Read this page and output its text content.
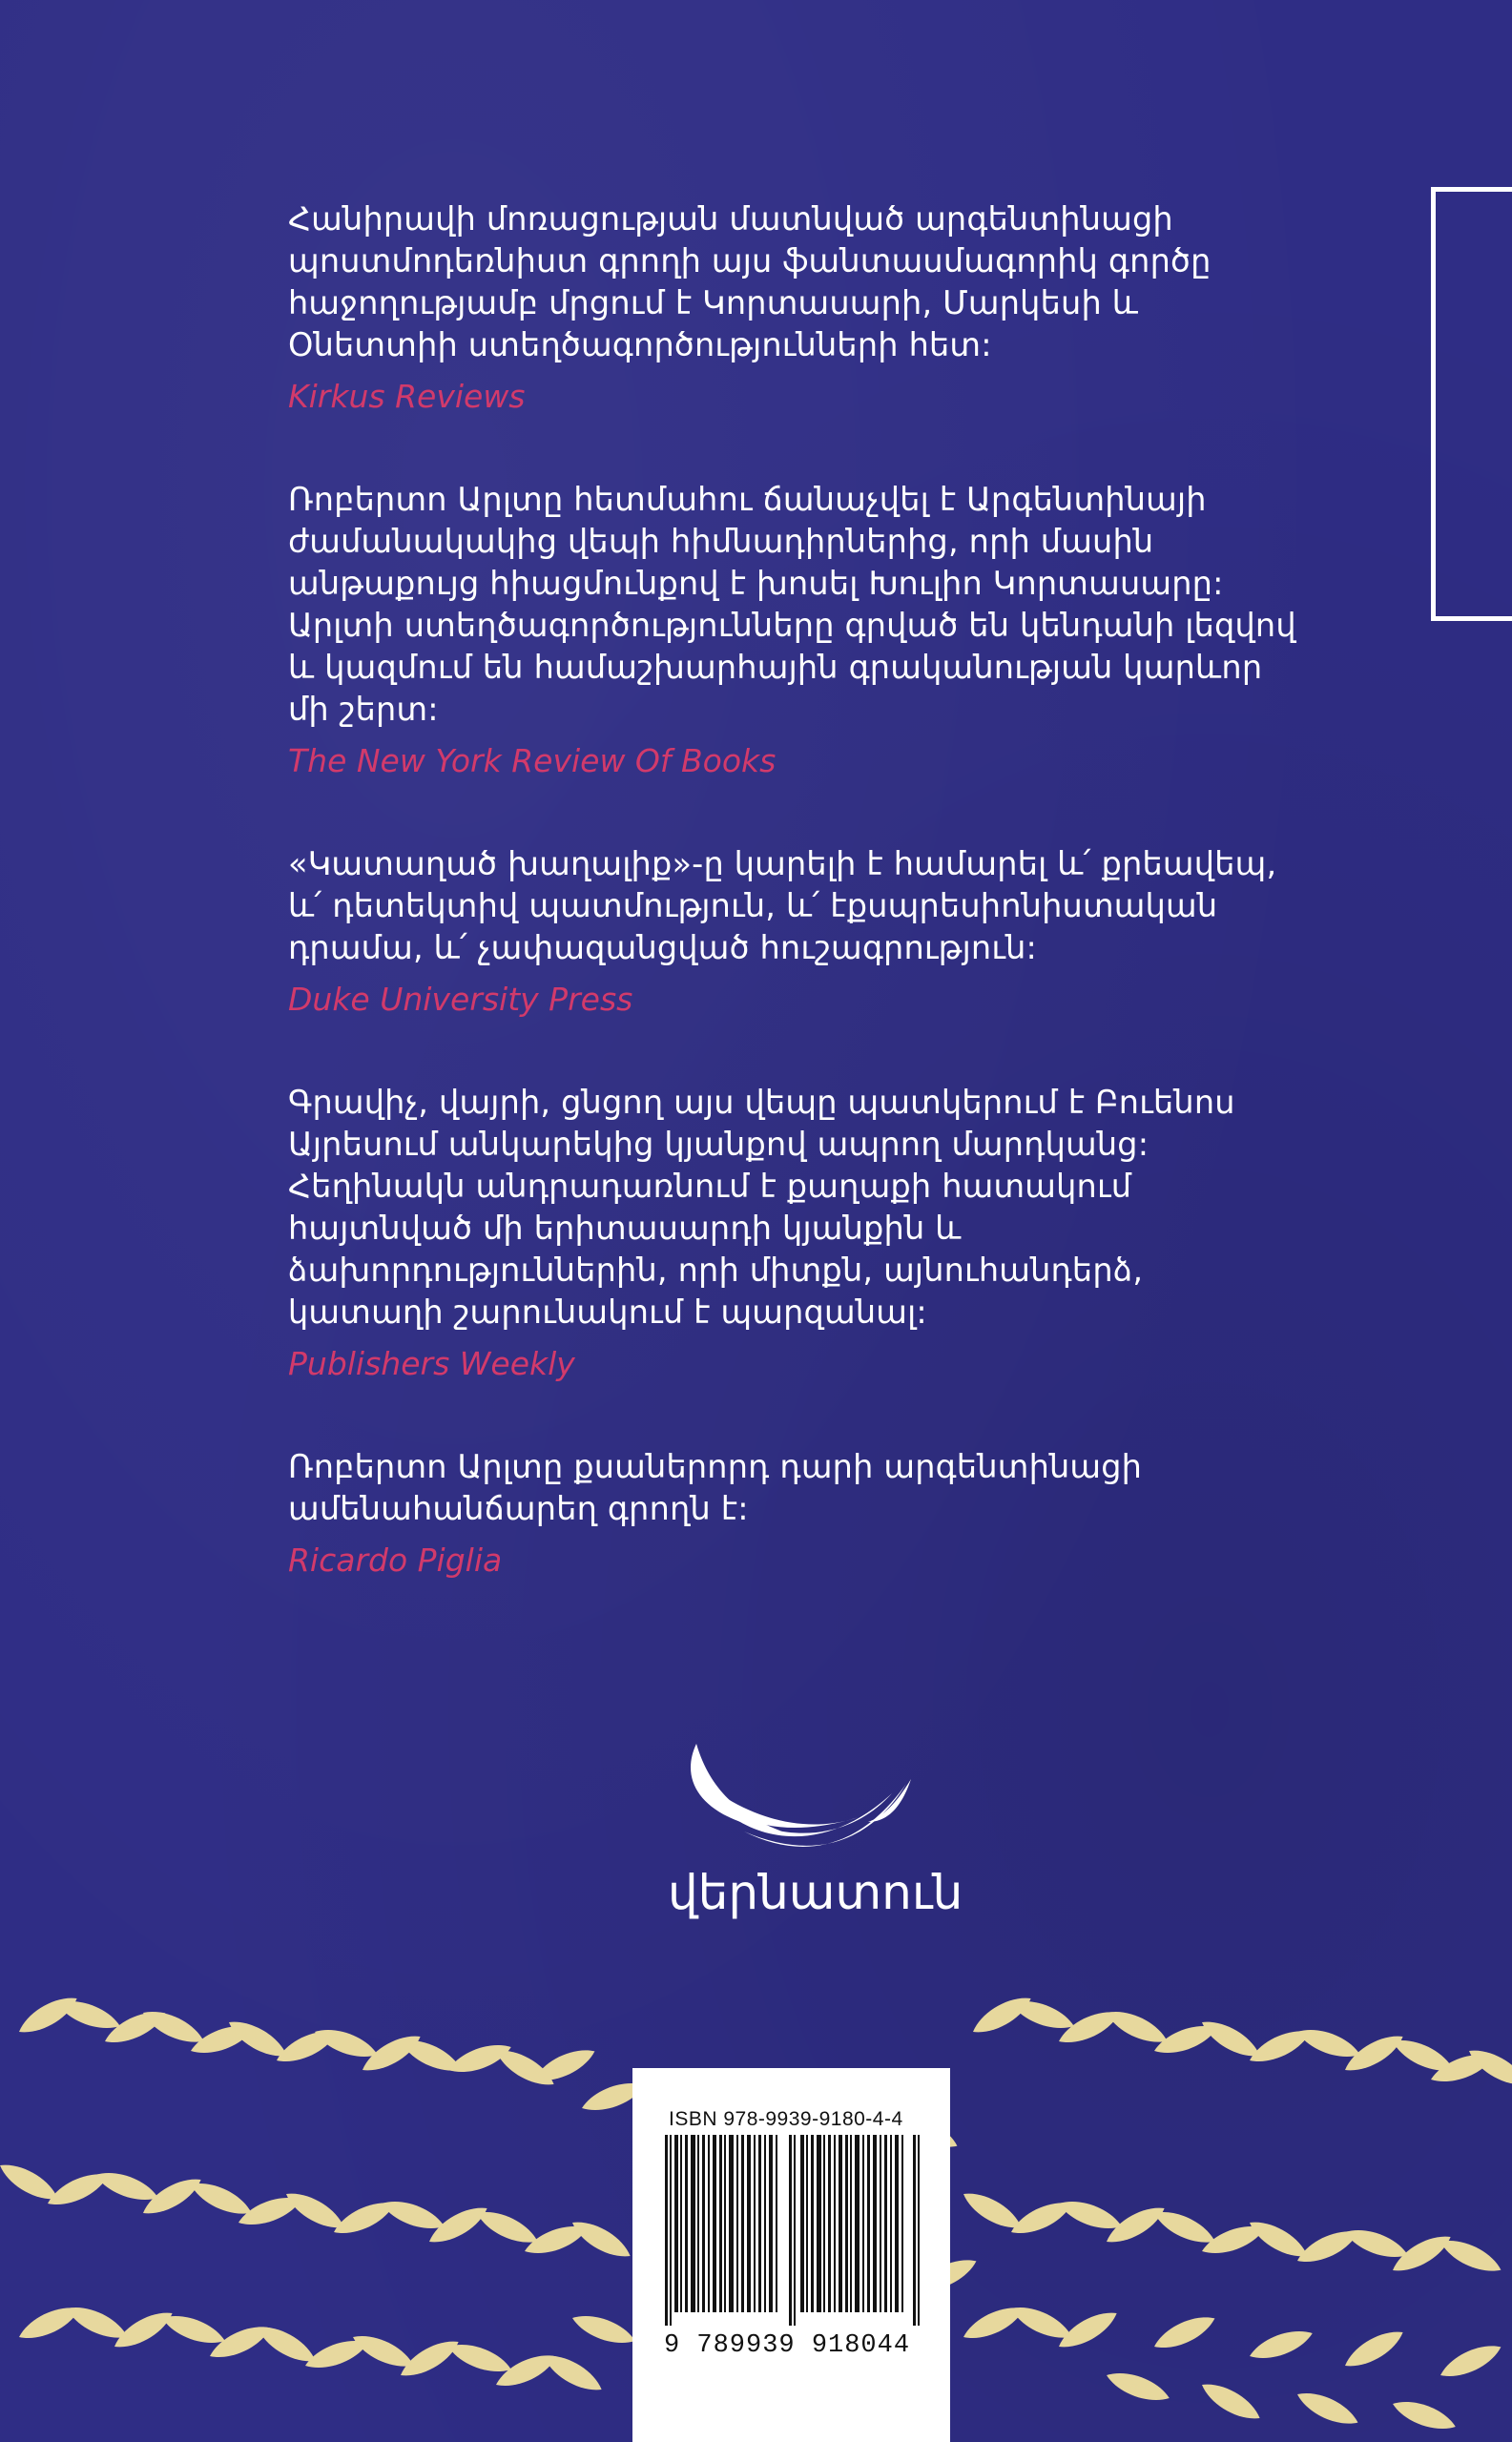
Հանիրավի մոռացության մատնված արգենտինացի պոստմոդեռնիստ գրողի այս ֆանտասմագորիկ գործը հաջողությամբ մրցում է Կորտասարի, Մարկեսի և Օնետտիի ստեղծագործությունների հետ:

Kirkus Reviews

Ռոբերտո Արլտը հետմահու ճանաչվել է Արգենտինայի ժամանակակից վեպի հիմնադիրներից, որի մասին անթաքույց հիացմունքով է խոսել Խուլիո Կորտասարը: Արլտի ստեղծագործությունները գրված են կենդանի լեզվով և կազմում են համաշխարհային գրականության կարևոր մի շերտ:

The New York Review Of Books

«Կատաղած խաղալիք»-ը կարելի է համարել և՛ քրեավեպ, և՛ դետեկտիվ պատմություն, և՛ էքսպրեսիոնիստական դրամա, և՛ չափազանցված հուշագրություն:

Duke University Press

Գրավիչ, վայրի, ցնցող այս վեպը պատկերում է Բուենոս Այրեսում անկարեկից կյանքով ապրող մարդկանց: Հեղինակն անդրադառնում է քաղաքի հատակում հայտնված մի երիտասարդի կյանքին և ձախորդություններին, որի միտքն, այնուհանդերձ, կատաղի շարունակում է պարզանալ:

Publishers Weekly

Ռոբերտո Արլտը քսաներորդ դարի արգենտինացի ամենահանճարեղ գրողն է:

Ricardo Piglia

վերնատուն
ISBN 978-9939-9180-4-4
9 789939 918044
